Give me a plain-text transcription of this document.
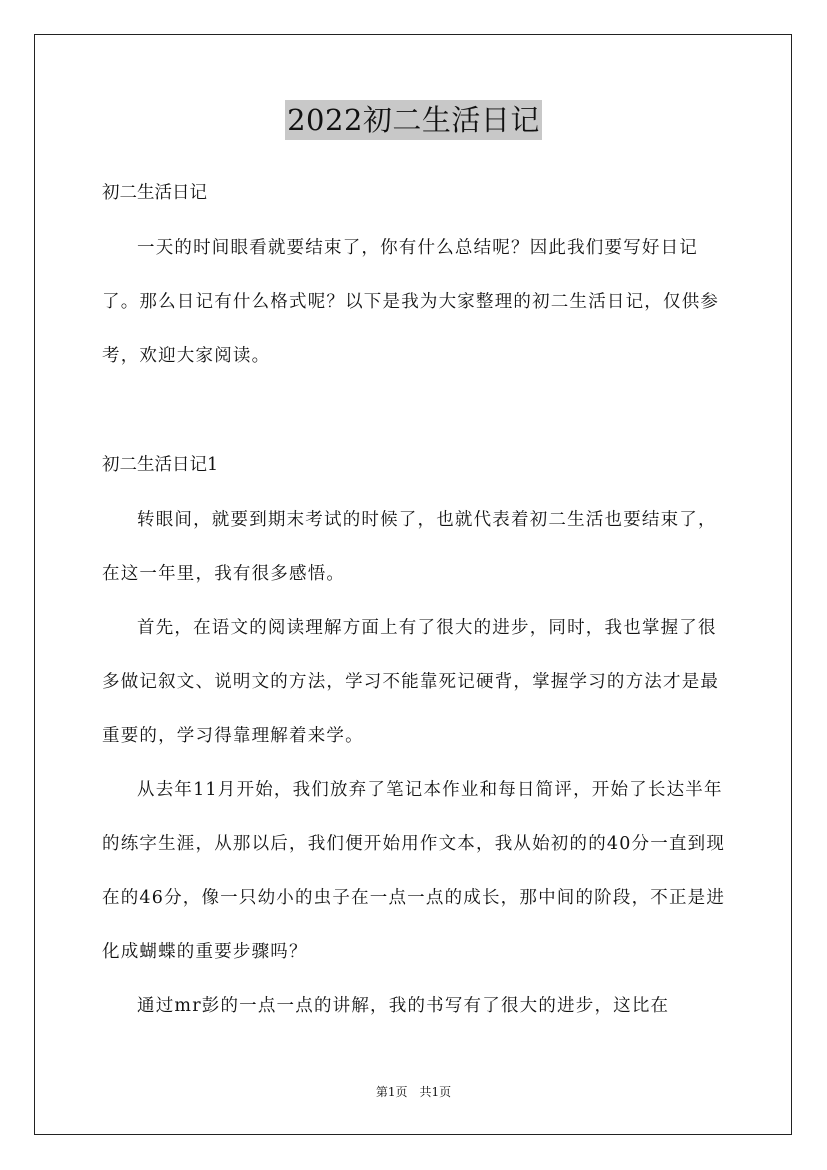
2022初二生活日记
初二生活日记

一天的时间眼看就要结束了，你有什么总结呢？因此我们要写好日记了。那么日记有什么格式呢？以下是我为大家整理的初二生活日记，仅供参考，欢迎大家阅读。

初二生活日记1

转眼间，就要到期末考试的时候了，也就代表着初二生活也要结束了，在这一年里，我有很多感悟。

首先，在语文的阅读理解方面上有了很大的进步，同时，我也掌握了很多做记叙文、说明文的方法，学习不能靠死记硬背，掌握学习的方法才是最重要的，学习得靠理解着来学。

从去年11月开始，我们放弃了笔记本作业和每日简评，开始了长达半年的练字生涯，从那以后，我们便开始用作文本，我从始初的的40分一直到现在的46分，像一只幼小的虫子在一点一点的成长，那中间的阶段，不正是进化成蝴蝶的重要步骤吗？

通过mr彭的一点一点的讲解，我的书写有了很大的进步，这比在

第1页　共1页
